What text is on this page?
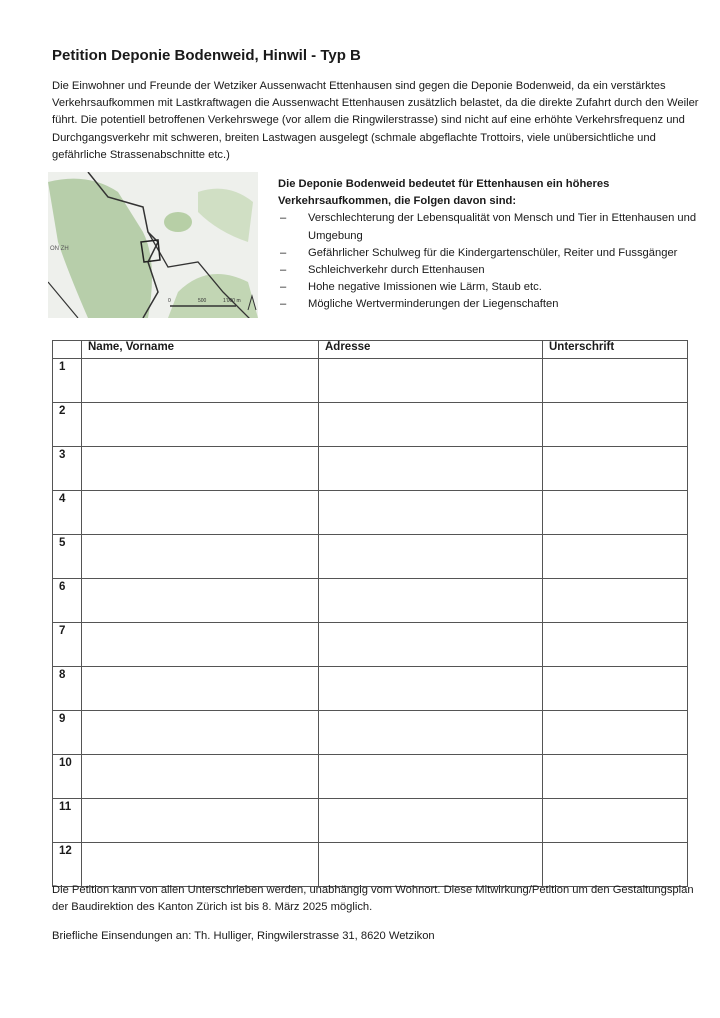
Petition Deponie Bodenweid, Hinwil - Typ B
Die Einwohner und Freunde der Wetziker Aussenwacht Ettenhausen sind gegen die Deponie Bodenweid, da ein verstärktes Verkehrsaufkommen mit Lastkraftwagen die Aussenwacht Ettenhausen zusätzlich belastet, da die direkte Zufahrt durch den Weiler führt. Die potentiell betroffenen Verkehrswege (vor allem die Ringwilerstrasse) sind nicht auf eine erhöhte Verkehrsfrequenz und Durchgangsverkehr mit schweren, breiten Lastwagen ausgelegt (schmale abgeflachte Trottoirs, viele unübersichtliche und gefährliche Strassenabschnitte etc.)
ON ZH
0	500	1'000 m
Die Deponie Bodenweid bedeutet für Ettenhausen ein höheres Verkehrsaufkommen, die Folgen davon sind:
– Verschlechterung der Lebensqualität von Mensch und Tier in Ettenhausen und Umgebung
– Gefährlicher Schulweg für die Kindergartenschüler, Reiter und Fussgänger
– Schleichverkehr durch Ettenhausen
– Hohe negative Imissionen wie Lärm, Staub etc.
– Mögliche Wertverminderungen der Liegenschaften
	Name, Vorname	Adresse	Unterschrift
1			
2			
3			
4			
5			
6			
7			
8			
9			
10			
11			
12			

Die Petition kann von allen Unterschrieben werden, unabhängig vom Wohnort. Diese Mitwirkung/Petition um den Gestaltungsplan der Baudirektion des Kanton Zürich ist bis 8. März 2025 möglich.

Briefliche Einsendungen an: Th. Hulliger, Ringwilerstrasse 31, 8620 Wetzikon
